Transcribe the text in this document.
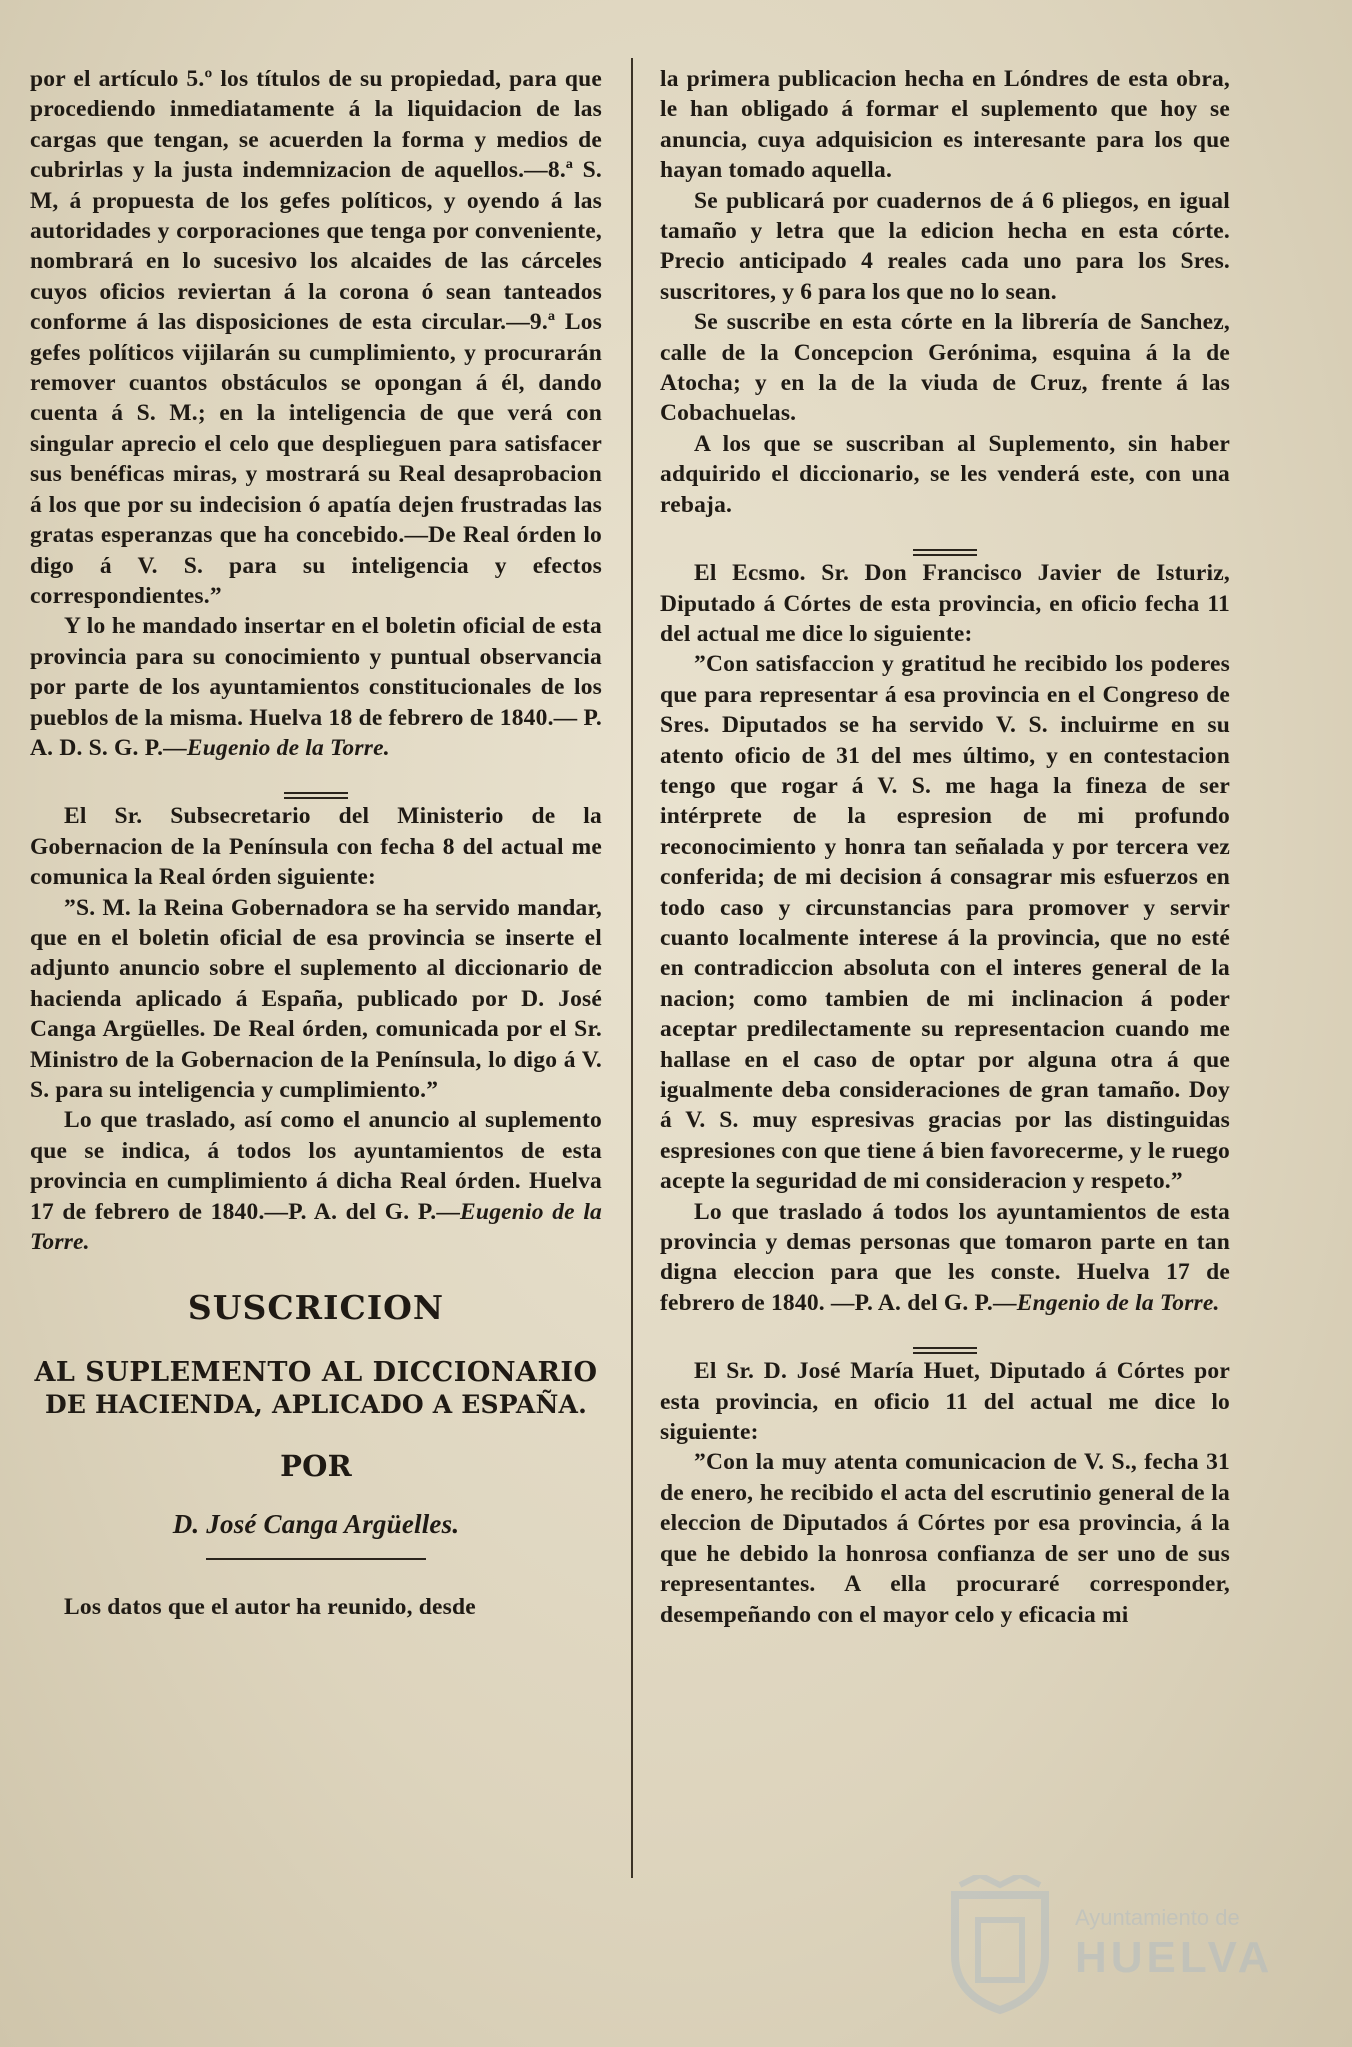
por el artículo 5.º los títulos de su propiedad, para que procediendo inmediatamente á la liquidacion de las cargas que tengan, se acuerden la forma y medios de cubrirlas y la justa indemnizacion de aquellos.—8.ª S. M, á propuesta de los gefes políticos, y oyendo á las autoridades y corporaciones que tenga por conveniente, nombrará en lo sucesivo los alcaides de las cárceles cuyos oficios reviertan á la corona ó sean tanteados conforme á las disposiciones de esta circular.—9.ª Los gefes políticos vijilarán su cumplimiento, y procurarán remover cuantos obstáculos se opongan á él, dando cuenta á S. M.; en la inteligencia de que verá con singular aprecio el celo que desplieguen para satisfacer sus benéficas miras, y mostrará su Real desaprobacion á los que por su indecision ó apatía dejen frustradas las gratas esperanzas que ha concebido.—De Real órden lo digo á V. S. para su inteligencia y efectos correspondientes.”

Y lo he mandado insertar en el boletin oficial de esta provincia para su conocimiento y puntual observancia por parte de los ayuntamientos constitucionales de los pueblos de la misma. Huelva 18 de febrero de 1840.— P. A. D. S. G. P.—Eugenio de la Torre.

El Sr. Subsecretario del Ministerio de la Gobernacion de la Península con fecha 8 del actual me comunica la Real órden siguiente:

”S. M. la Reina Gobernadora se ha servido mandar, que en el boletin oficial de esa provincia se inserte el adjunto anuncio sobre el suplemento al diccionario de hacienda aplicado á España, publicado por D. José Canga Argüelles. De Real órden, comunicada por el Sr. Ministro de la Gobernacion de la Península, lo digo á V. S. para su inteligencia y cumplimiento.”

Lo que traslado, así como el anuncio al suplemento que se indica, á todos los ayuntamientos de esta provincia en cumplimiento á dicha Real órden. Huelva 17 de febrero de 1840.—P. A. del G. P.—Eugenio de la Torre.

SUSCRICION
AL SUPLEMENTO AL DICCIONARIO
DE HACIENDA, APLICADO A ESPAÑA.
POR
D. José Canga Argüelles.

Los datos que el autor ha reunido, desde

la primera publicacion hecha en Lóndres de esta obra, le han obligado á formar el suplemento que hoy se anuncia, cuya adquisicion es interesante para los que hayan tomado aquella.

Se publicará por cuadernos de á 6 pliegos, en igual tamaño y letra que la edicion hecha en esta córte. Precio anticipado 4 reales cada uno para los Sres. suscritores, y 6 para los que no lo sean.

Se suscribe en esta córte en la librería de Sanchez, calle de la Concepcion Gerónima, esquina á la de Atocha; y en la de la viuda de Cruz, frente á las Cobachuelas.

A los que se suscriban al Suplemento, sin haber adquirido el diccionario, se les venderá este, con una rebaja.

El Ecsmo. Sr. Don Francisco Javier de Isturiz, Diputado á Córtes de esta provincia, en oficio fecha 11 del actual me dice lo siguiente:

”Con satisfaccion y gratitud he recibido los poderes que para representar á esa provincia en el Congreso de Sres. Diputados se ha servido V. S. incluirme en su atento oficio de 31 del mes último, y en contestacion tengo que rogar á V. S. me haga la fineza de ser intérprete de la espresion de mi profundo reconocimiento y honra tan señalada y por tercera vez conferida; de mi decision á consagrar mis esfuerzos en todo caso y circunstancias para promover y servir cuanto localmente interese á la provincia, que no esté en contradiccion absoluta con el interes general de la nacion; como tambien de mi inclinacion á poder aceptar predilectamente su representacion cuando me hallase en el caso de optar por alguna otra á que igualmente deba consideraciones de gran tamaño. Doy á V. S. muy espresivas gracias por las distinguidas espresiones con que tiene á bien favorecerme, y le ruego acepte la seguridad de mi consideracion y respeto.”

Lo que traslado á todos los ayuntamientos de esta provincia y demas personas que tomaron parte en tan digna eleccion para que les conste. Huelva 17 de febrero de 1840. —P. A. del G. P.—Engenio de la Torre.

El Sr. D. José María Huet, Diputado á Córtes por esta provincia, en oficio 11 del actual me dice lo siguiente:

”Con la muy atenta comunicacion de V. S., fecha 31 de enero, he recibido el acta del escrutinio general de la eleccion de Diputados á Córtes por esa provincia, á la que he debido la honrosa confianza de ser uno de sus representantes. A ella procuraré corresponder, desempeñando con el mayor celo y eficacia mi

Ayuntamiento de
HUELVA
